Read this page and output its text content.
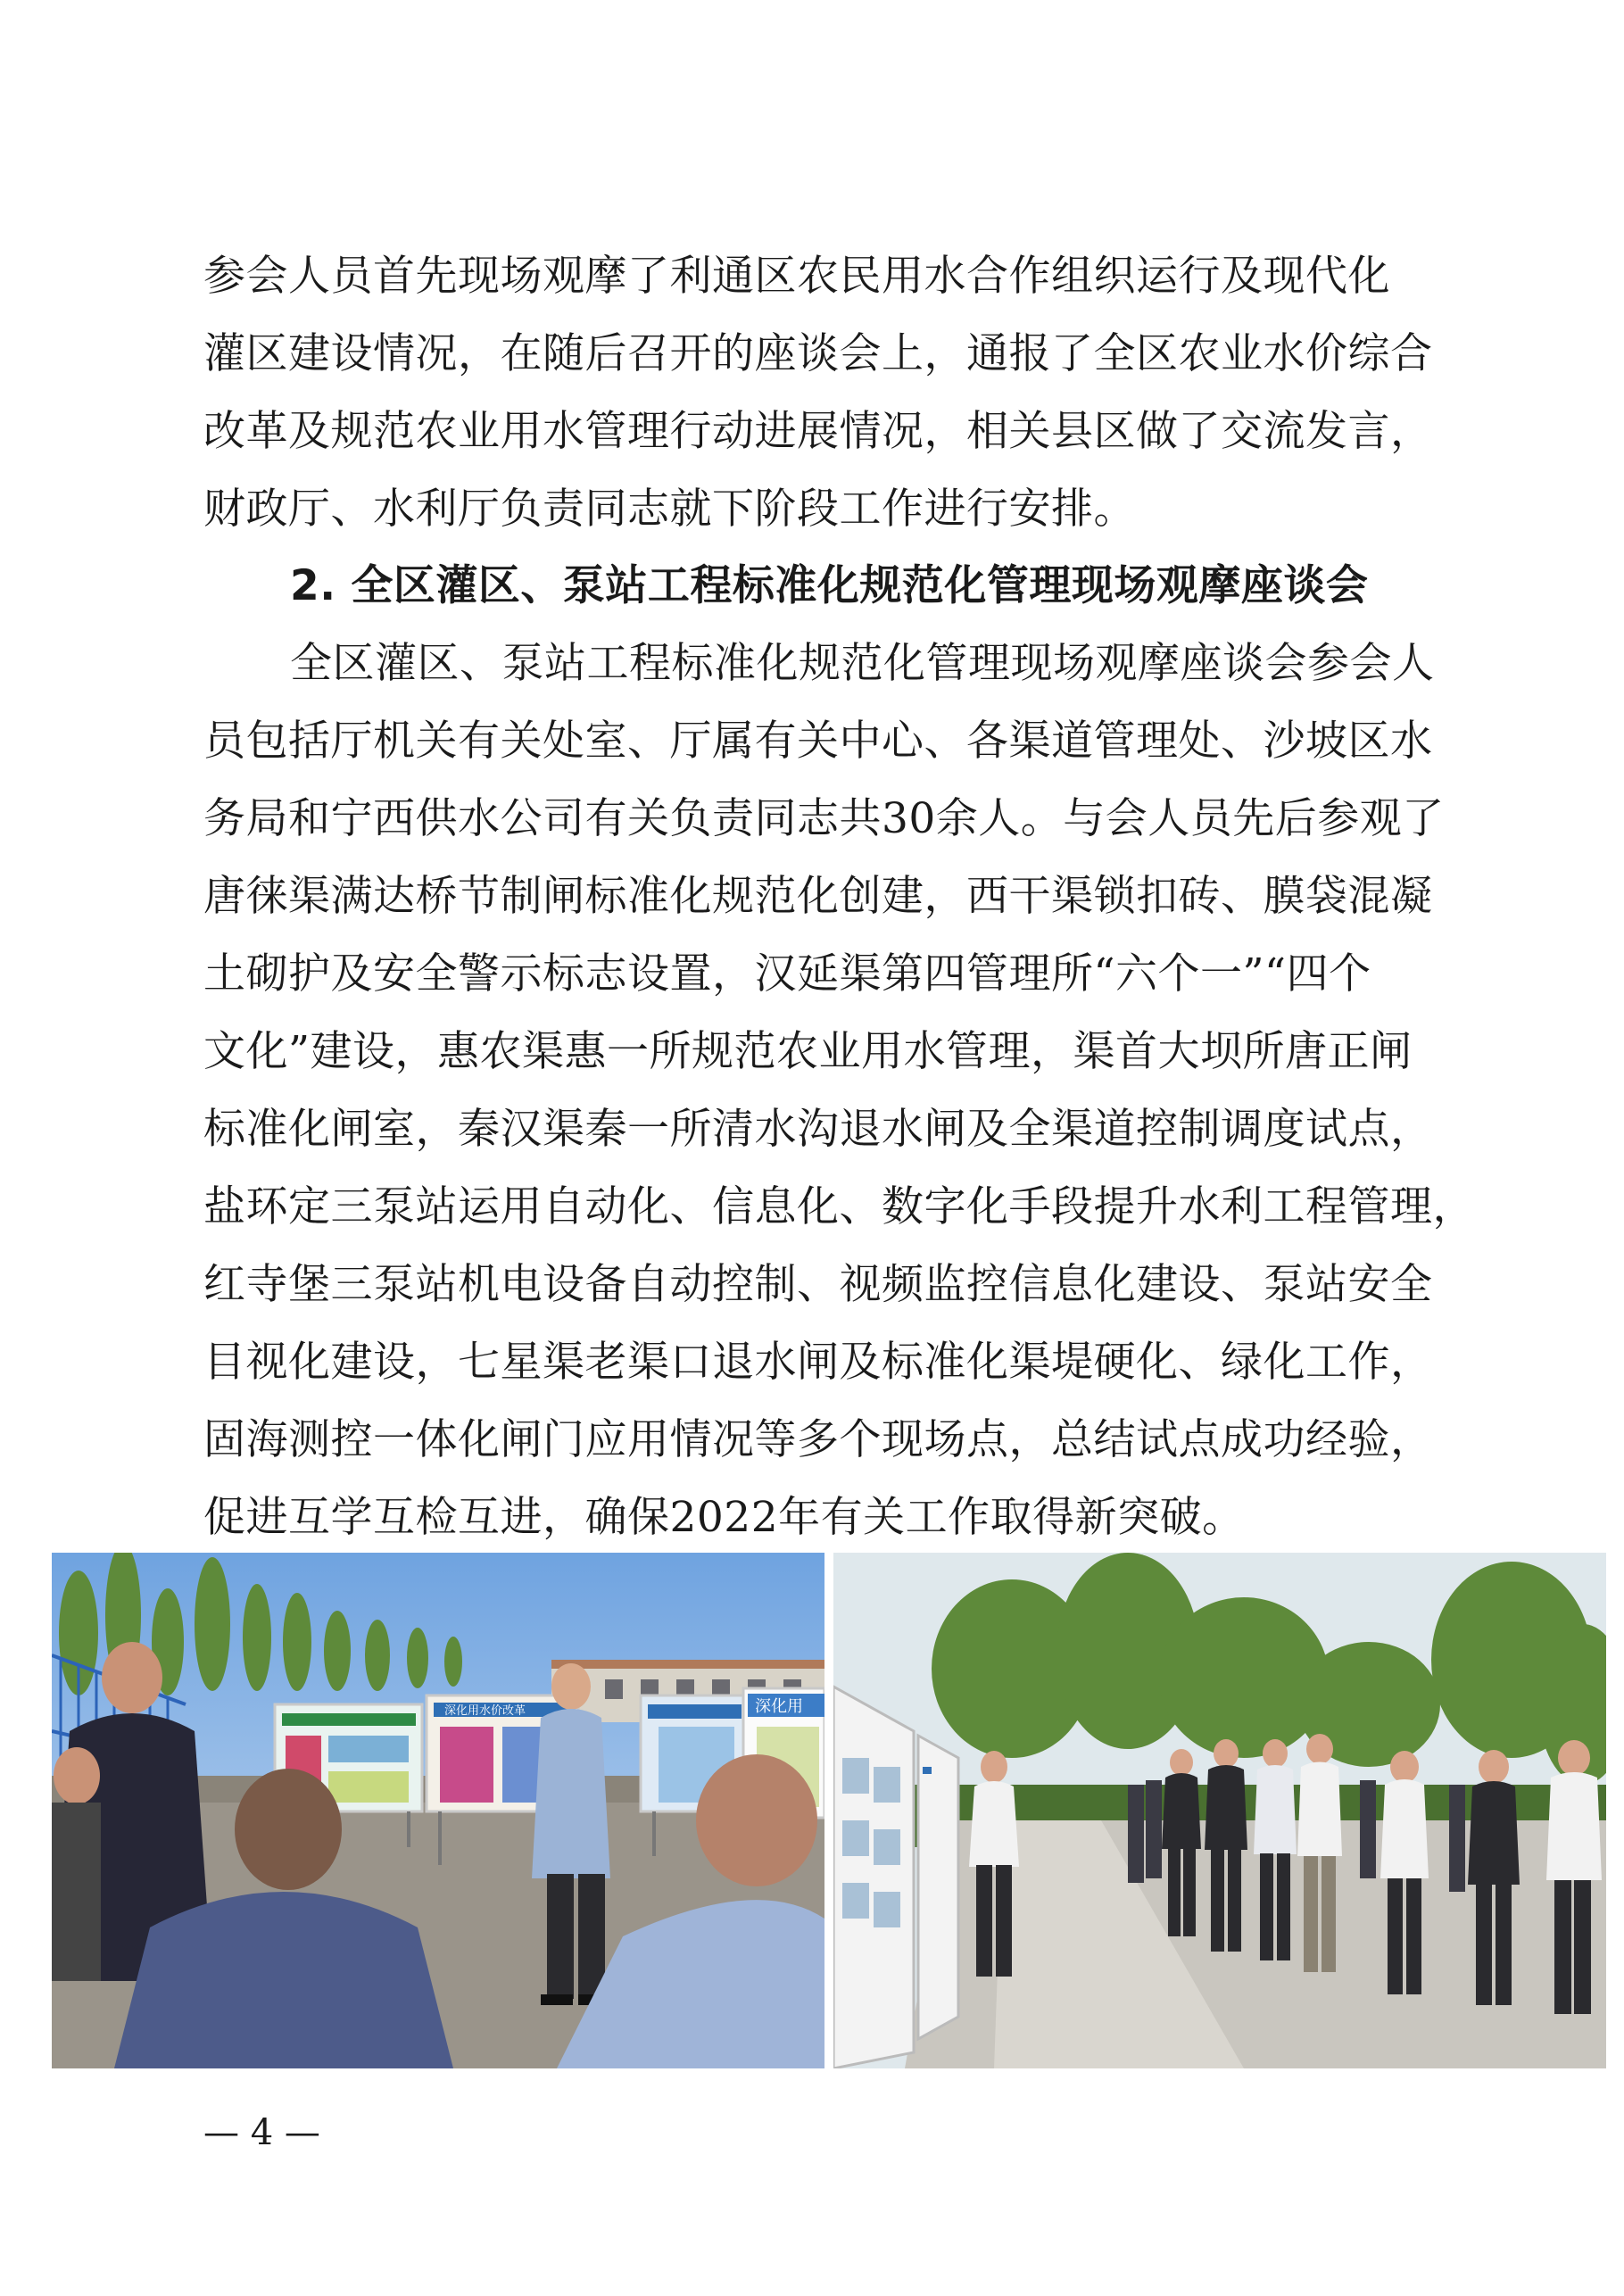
参会人员首先现场观摩了利通区农民用水合作组织运行及现代化
灌区建设情况，在随后召开的座谈会上，通报了全区农业水价综合
改革及规范农业用水管理行动进展情况，相关县区做了交流发言，
财政厅、水利厅负责同志就下阶段工作进行安排。
2. 全区灌区、泵站工程标准化规范化管理现场观摩座谈会
全区灌区、泵站工程标准化规范化管理现场观摩座谈会参会人
员包括厅机关有关处室、厅属有关中心、各渠道管理处、沙坡区水
务局和宁西供水公司有关负责同志共30余人。与会人员先后参观了
唐徕渠满达桥节制闸标准化规范化创建，西干渠锁扣砖、膜袋混凝
土砌护及安全警示标志设置，汉延渠第四管理所“六个一”“四个
文化”建设，惠农渠惠一所规范农业用水管理，渠首大坝所唐正闸
标准化闸室，秦汉渠秦一所清水沟退水闸及全渠道控制调度试点，
盐环定三泵站运用自动化、信息化、数字化手段提升水利工程管理，
红寺堡三泵站机电设备自动控制、视频监控信息化建设、泵站安全
目视化建设，七星渠老渠口退水闸及标准化渠堤硬化、绿化工作，
固海测控一体化闸门应用情况等多个现场点，总结试点成功经验，
促进互学互检互进，确保2022年有关工作取得新突破。
深化用水价改革	深化用
— 4 —
